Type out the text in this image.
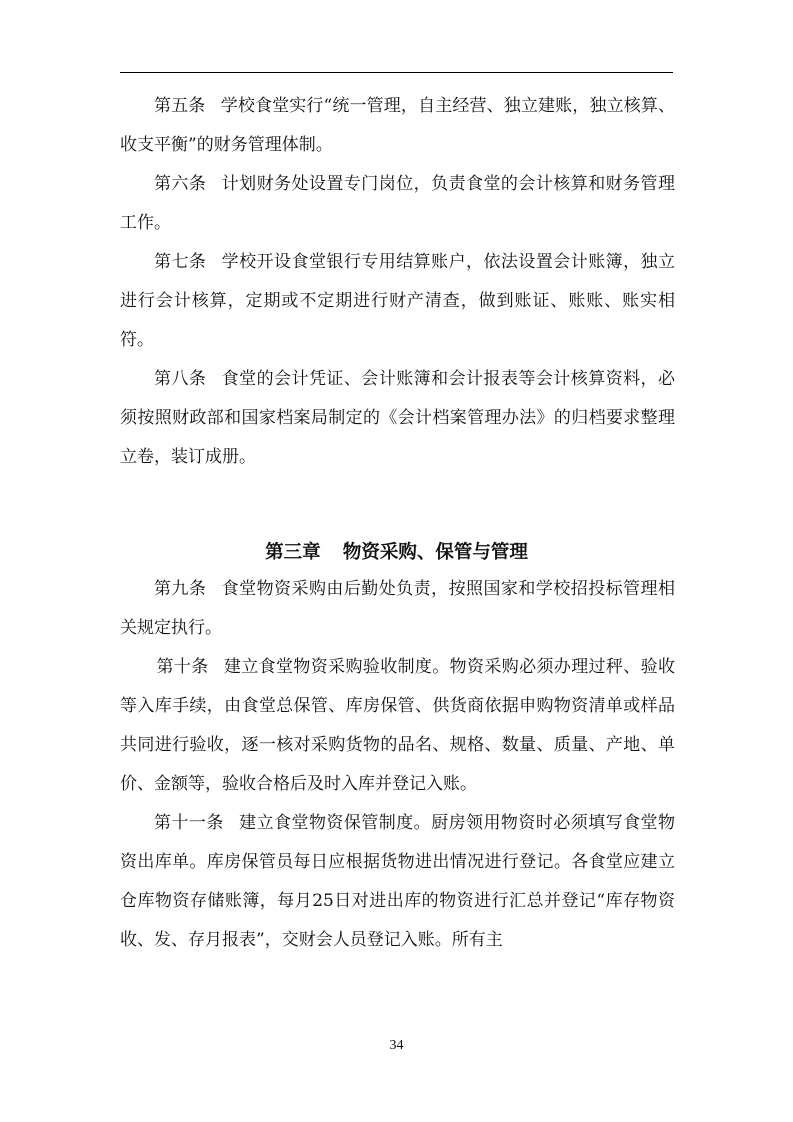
第五条 学校食堂实行“统一管理，自主经营、独立建账，独立核算、收支平衡”的财务管理体制。

第六条 计划财务处设置专门岗位，负责食堂的会计核算和财务管理工作。

第七条 学校开设食堂银行专用结算账户，依法设置会计账簿，独立进行会计核算，定期或不定期进行财产清查，做到账证、账账、账实相符。

第八条 食堂的会计凭证、会计账簿和会计报表等会计核算资料，必须按照财政部和国家档案局制定的《会计档案管理办法》的归档要求整理立卷，装订成册。

第三章 物资采购、保管与管理

第九条 食堂物资采购由后勤处负责，按照国家和学校招投标管理相关规定执行。

第十条 建立食堂物资采购验收制度。物资采购必须办理过秤、验收等入库手续，由食堂总保管、库房保管、供货商依据申购物资清单或样品共同进行验收，逐一核对采购货物的品名、规格、数量、质量、产地、单价、金额等，验收合格后及时入库并登记入账。

第十一条 建立食堂物资保管制度。厨房领用物资时必须填写食堂物资出库单。库房保管员每日应根据货物进出情况进行登记。各食堂应建立仓库物资存储账簿，每月25日对进出库的物资进行汇总并登记“库存物资收、发、存月报表”，交财会人员登记入账。所有主

34
